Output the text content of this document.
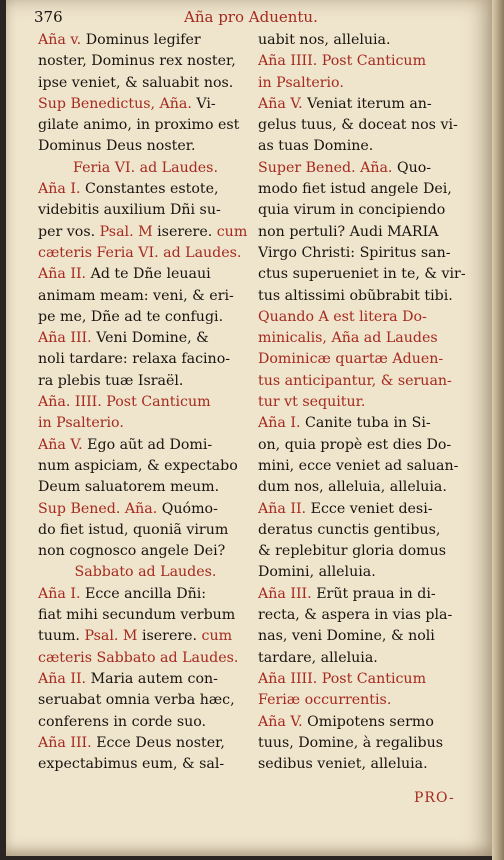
376	Aña pro Aduentu.
Aña v. Dominus legifer
noster, Dominus rex noster,
ipse veniet, & saluabit nos.
Sup Benedictus, Aña. Vi-
gilate animo, in proximo est
Dominus Deus noster.
Feria VI. ad Laudes.
Aña I. Constantes estote,
videbitis auxilium Dñi su-
per vos. Psal. M iserere. cum
cæteris Feria VI. ad Laudes.
Aña II. Ad te Dñe leuaui
animam meam: veni, & eri-
pe me, Dñe ad te confugi.
Aña III. Veni Domine, &
noli tardare: relaxa facino-
ra plebis tuæ Israël.
Aña. IIII. Post Canticum
in Psalterio.
Aña V. Ego aũt ad Domi-
num aspiciam, & expectabo
Deum saluatorem meum.
Sup Bened. Aña. Quómo-
do fiet istud, quoniã virum
non cognosco angele Dei?
Sabbato ad Laudes.
Aña I. Ecce ancilla Dñi:
fiat mihi secundum verbum
tuum. Psal. M iserere. cum
cæteris Sabbato ad Laudes.
Aña II. Maria autem con-
seruabat omnia verba hæc,
conferens in corde suo.
Aña III. Ecce Deus noster,
expectabimus eum, & sal-
uabit nos, alleluia.
Aña IIII. Post Canticum
in Psalterio.
Aña V. Veniat iterum an-
gelus tuus, & doceat nos vi-
as tuas Domine.
Super Bened. Aña. Quo-
modo fiet istud angele Dei,
quia virum in concipiendo
non pertuli? Audi MARIA
Virgo Christi: Spiritus san-
ctus superueniet in te, & vir-
tus altissimi obũbrabit tibi.
Quando A est litera Do-
minicalis, Aña ad Laudes
Dominicæ quartæ Aduen-
tus anticipantur, & seruan-
tur vt sequitur.
Aña I. Canite tuba in Si-
on, quia propè est dies Do-
mini, ecce veniet ad saluan-
dum nos, alleluia, alleluia.
Aña II. Ecce veniet desi-
deratus cunctis gentibus,
& replebitur gloria domus
Domini, alleluia.
Aña III. Erũt praua in di-
recta, & aspera in vias pla-
nas, veni Domine, & noli
tardare, alleluia.
Aña IIII. Post Canticum
Feriæ occurrentis.
Aña V. Omipotens sermo
tuus, Domine, à regalibus
sedibus veniet, alleluia.
PRO-
